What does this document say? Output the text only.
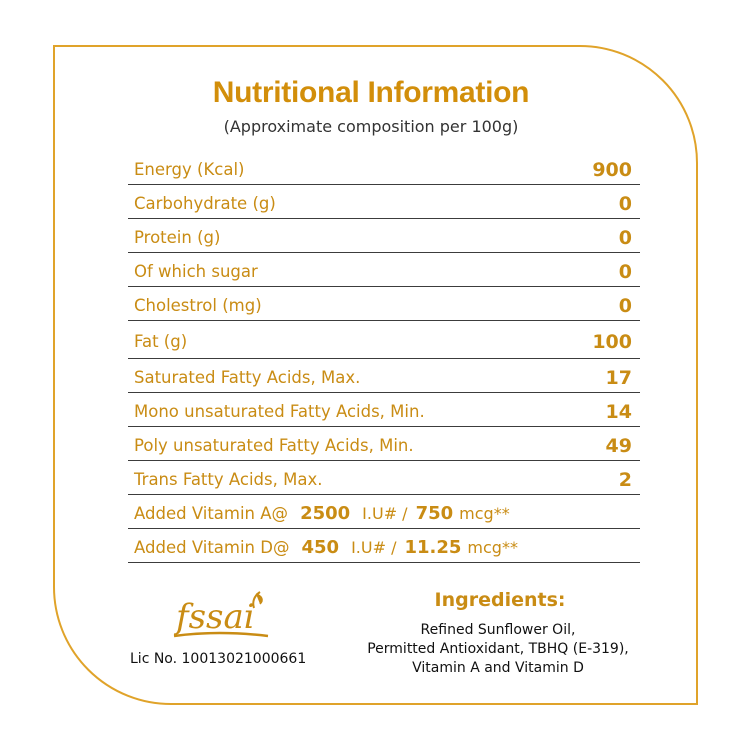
Nutritional Information
(Approximate composition per 100g)
Energy (Kcal)	900
Carbohydrate (g)	0
Protein (g)	0
Of which sugar	0
Cholestrol (mg)	0
Fat (g)	100
Saturated Fatty Acids, Max.	17
Mono unsaturated Fatty Acids, Min.	14
Poly unsaturated Fatty Acids, Min.	49
Trans Fatty Acids, Max.	2
Added Vitamin A@ 2500 I.U# / 750 mcg**
Added Vitamin D@ 450 I.U# / 11.25 mcg**
fssai
Lic No. 10013021000661
Ingredients:
Refined Sunflower Oil,
Permitted Antioxidant, TBHQ (E-319),
Vitamin A and Vitamin D
